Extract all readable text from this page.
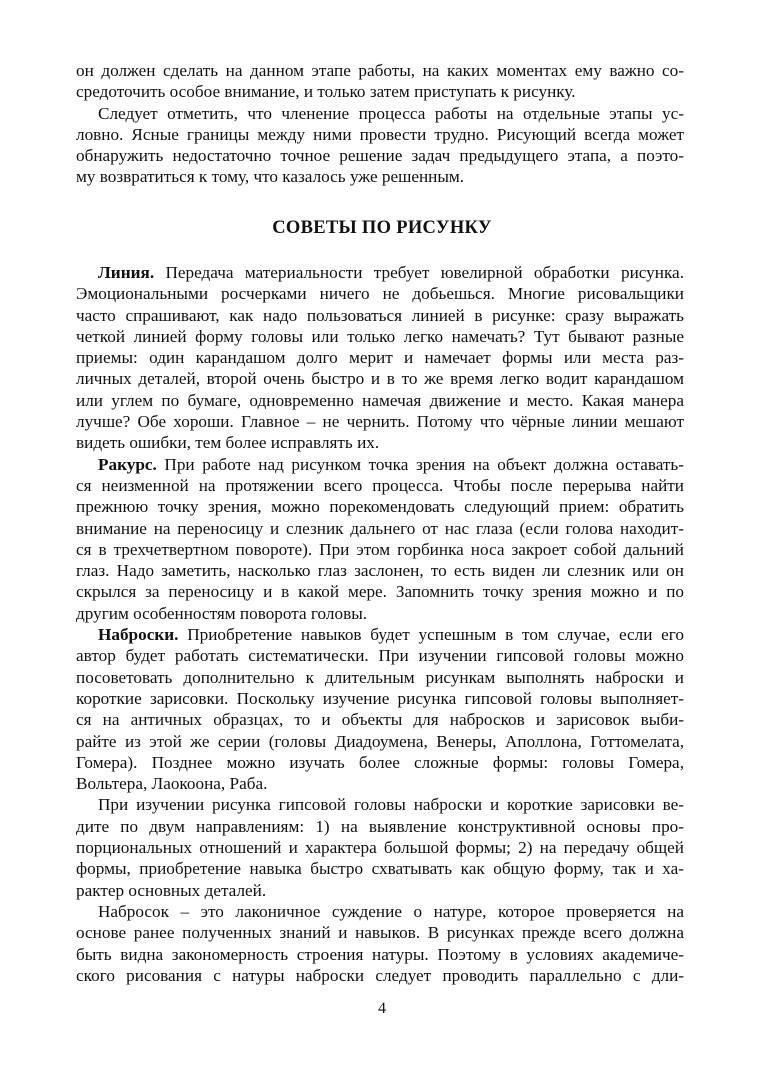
он должен сделать на данном этапе работы, на каких моментах ему важно со-
средоточить особое внимание, и только затем приступать к рисунку.
Следует отметить, что членение процесса работы на отдельные этапы ус-
ловно. Ясные границы между ними провести трудно. Рисующий всегда может
обнаружить недостаточно точное решение задач предыдущего этапа, а поэто-
му возвратиться к тому, что казалось уже решенным.
СОВЕТЫ ПО РИСУНКУ
Линия. Передача материальности требует ювелирной обработки рисунка.
Эмоциональными росчерками ничего не добьешься. Многие рисовальщики
часто спрашивают, как надо пользоваться линией в рисунке: сразу выражать
четкой линией форму головы или только легко намечать? Тут бывают разные
приемы: один карандашом долго мерит и намечает формы или места раз-
личных деталей, второй очень быстро и в то же время легко водит карандашом
или углем по бумаге, одновременно намечая движение и место. Какая манера
лучше? Обе хороши. Главное – не чернить. Потому что чёрные линии мешают
видеть ошибки, тем более исправлять их.
Ракурс. При работе над рисунком точка зрения на объект должна оставать-
ся неизменной на протяжении всего процесса. Чтобы после перерыва найти
прежнюю точку зрения, можно порекомендовать следующий прием: обратить
внимание на переносицу и слезник дальнего от нас глаза (если голова находит-
ся в трехчетвертном повороте). При этом горбинка носа закроет собой дальний
глаз. Надо заметить, насколько глаз заслонен, то есть виден ли слезник или он
скрылся за переносицу и в какой мере. Запомнить точку зрения можно и по
другим особенностям поворота головы.
Наброски. Приобретение навыков будет успешным в том случае, если его
автор будет работать систематически. При изучении гипсовой головы можно
посоветовать дополнительно к длительным рисункам выполнять наброски и
короткие зарисовки. Поскольку изучение рисунка гипсовой головы выполняет-
ся на античных образцах, то и объекты для набросков и зарисовок выби-
райте из этой же серии (головы Диадоумена, Венеры, Аполлона, Готтомелата,
Гомера). Позднее можно изучать более сложные формы: головы Гомера,
Вольтера, Лаокоона, Раба.
При изучении рисунка гипсовой головы наброски и короткие зарисовки ве-
дите по двум направлениям: 1) на выявление конструктивной основы про-
порциональных отношений и характера большой формы; 2) на передачу общей
формы, приобретение навыка быстро схватывать как общую форму, так и ха-
рактер основных деталей.
Набросок – это лаконичное суждение о натуре, которое проверяется на
основе ранее полученных знаний и навыков. В рисунках прежде всего должна
быть видна закономерность строения натуры. Поэтому в условиях академиче-
ского рисования с натуры наброски следует проводить параллельно с дли-
4
